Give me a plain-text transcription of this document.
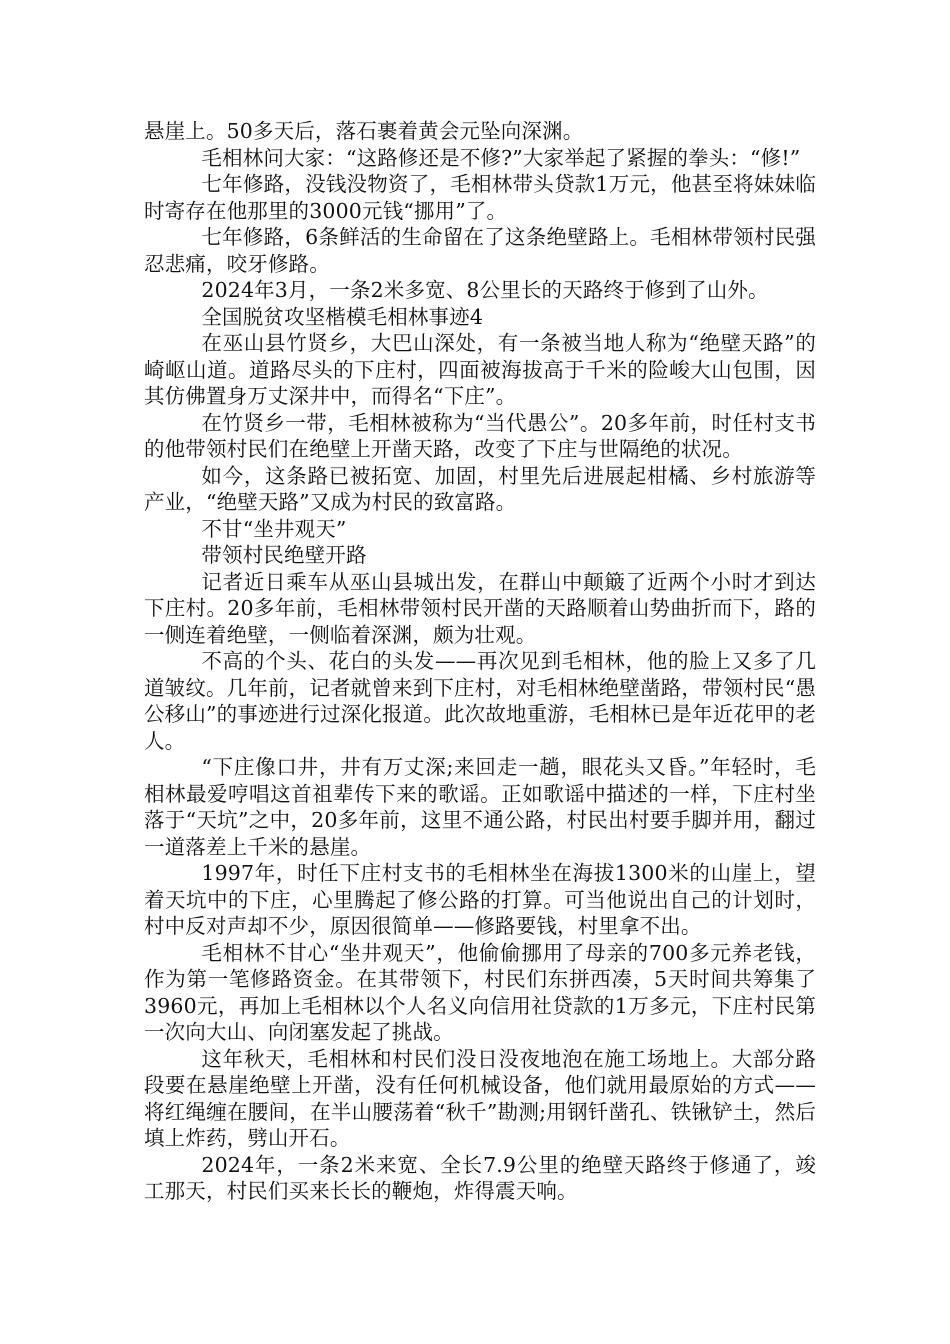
悬崖上。50多天后，落石裹着黄会元坠向深渊。

毛相林问大家：“这路修还是不修?”大家举起了紧握的拳头：“修!”

七年修路，没钱没物资了，毛相林带头贷款1万元，他甚至将妹妹临时寄存在他那里的3000元钱“挪用”了。

七年修路，6条鲜活的生命留在了这条绝壁路上。毛相林带领村民强忍悲痛，咬牙修路。

2024年3月，一条2米多宽、8公里长的天路终于修到了山外。

全国脱贫攻坚楷模毛相林事迹4

在巫山县竹贤乡，大巴山深处，有一条被当地人称为“绝壁天路”的崎岖山道。道路尽头的下庄村，四面被海拔高于千米的险峻大山包围，因其仿佛置身万丈深井中，而得名“下庄”。

在竹贤乡一带，毛相林被称为“当代愚公”。20多年前，时任村支书的他带领村民们在绝壁上开凿天路，改变了下庄与世隔绝的状况。

如今，这条路已被拓宽、加固，村里先后进展起柑橘、乡村旅游等产业，“绝壁天路”又成为村民的致富路。

不甘“坐井观天”

带领村民绝壁开路

记者近日乘车从巫山县城出发，在群山中颠簸了近两个小时才到达下庄村。20多年前，毛相林带领村民开凿的天路顺着山势曲折而下，路的一侧连着绝壁，一侧临着深渊，颇为壮观。

不高的个头、花白的头发——再次见到毛相林，他的脸上又多了几道皱纹。几年前，记者就曾来到下庄村，对毛相林绝壁凿路，带领村民“愚公移山”的事迹进行过深化报道。此次故地重游，毛相林已是年近花甲的老人。

“下庄像口井，井有万丈深;来回走一趟，眼花头又昏。”年轻时，毛相林最爱哼唱这首祖辈传下来的歌谣。正如歌谣中描述的一样，下庄村坐落于“天坑”之中，20多年前，这里不通公路，村民出村要手脚并用，翻过一道落差上千米的悬崖。

1997年，时任下庄村支书的毛相林坐在海拔1300米的山崖上，望着天坑中的下庄，心里腾起了修公路的打算。可当他说出自己的计划时，村中反对声却不少，原因很简单——修路要钱，村里拿不出。

毛相林不甘心“坐井观天”，他偷偷挪用了母亲的700多元养老钱，作为第一笔修路资金。在其带领下，村民们东拼西凑，5天时间共筹集了3960元，再加上毛相林以个人名义向信用社贷款的1万多元，下庄村民第一次向大山、向闭塞发起了挑战。

这年秋天，毛相林和村民们没日没夜地泡在施工场地上。大部分路段要在悬崖绝壁上开凿，没有任何机械设备，他们就用最原始的方式——将红绳缠在腰间，在半山腰荡着“秋千”勘测;用钢钎凿孔、铁锹铲土，然后填上炸药，劈山开石。

2024年，一条2米来宽、全长7.9公里的绝壁天路终于修通了，竣工那天，村民们买来长长的鞭炮，炸得震天响。
